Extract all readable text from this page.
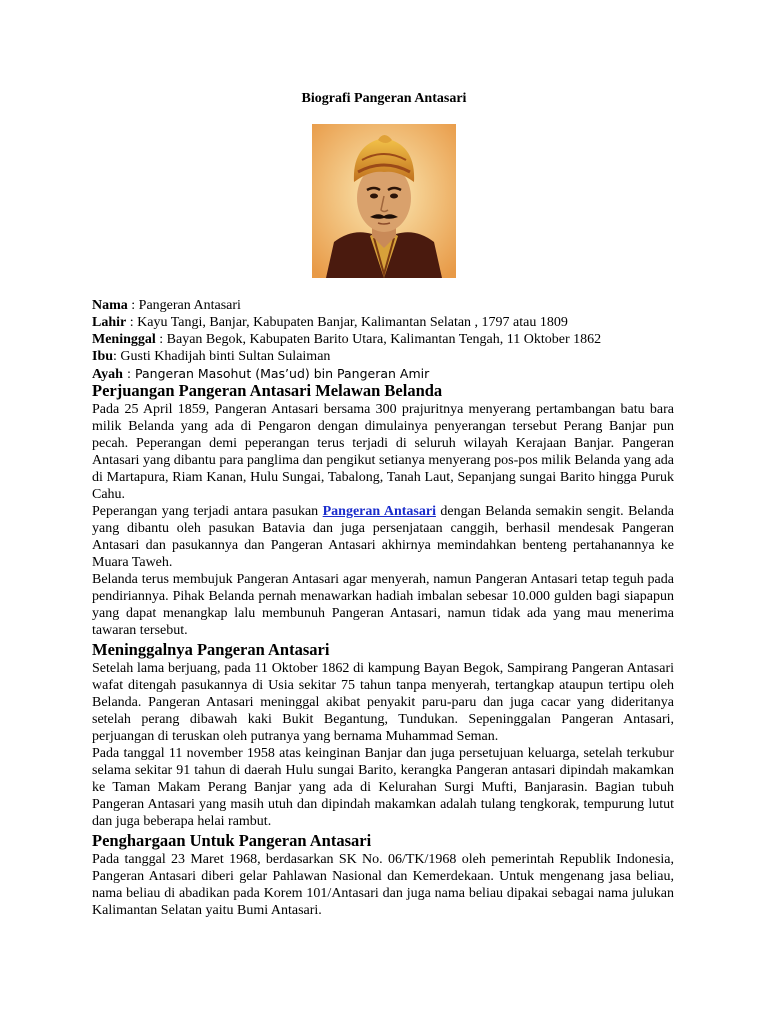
Biografi Pangeran Antasari
Nama : Pangeran Antasari
Lahir : Kayu Tangi, Banjar, Kabupaten Banjar, Kalimantan Selatan , 1797 atau 1809
Meninggal : Bayan Begok, Kabupaten Barito Utara, Kalimantan Tengah, 11 Oktober 1862
Ibu: Gusti Khadijah binti Sultan Sulaiman
Ayah : Pangeran Masohut (Mas’ud) bin Pangeran Amir
Perjuangan Pangeran Antasari Melawan Belanda

Pada 25 April 1859, Pangeran Antasari bersama 300 prajuritnya menyerang pertambangan batu bara milik Belanda yang ada di Pengaron dengan dimulainya penyerangan tersebut Perang Banjar pun pecah. Peperangan demi peperangan terus terjadi di seluruh wilayah Kerajaan Banjar. Pangeran Antasari yang dibantu para panglima dan pengikut setianya menyerang pos-pos milik Belanda yang ada di Martapura, Riam Kanan, Hulu Sungai, Tabalong, Tanah Laut, Sepanjang sungai Barito hingga Puruk Cahu.

Peperangan yang terjadi antara pasukan Pangeran Antasari dengan Belanda semakin sengit. Belanda yang dibantu oleh pasukan Batavia dan juga persenjataan canggih, berhasil mendesak Pangeran Antasari dan pasukannya dan Pangeran Antasari akhirnya memindahkan benteng pertahanannya ke Muara Taweh.

Belanda terus membujuk Pangeran Antasari agar menyerah, namun Pangeran Antasari tetap teguh pada pendiriannya. Pihak Belanda pernah menawarkan hadiah imbalan sebesar 10.000 gulden bagi siapapun yang dapat menangkap lalu membunuh Pangeran Antasari, namun tidak ada yang mau menerima tawaran tersebut.

Meninggalnya Pangeran Antasari

Setelah lama berjuang, pada 11 Oktober 1862 di kampung Bayan Begok, Sampirang Pangeran Antasari wafat ditengah pasukannya di Usia sekitar 75 tahun tanpa menyerah, tertangkap ataupun tertipu oleh Belanda. Pangeran Antasari meninggal akibat penyakit paru-paru dan juga cacar yang dideritanya setelah perang dibawah kaki Bukit Begantung, Tundukan. Sepeninggalan Pangeran Antasari, perjuangan di teruskan oleh putranya yang bernama Muhammad Seman.

Pada tanggal 11 november 1958 atas keinginan Banjar dan juga persetujuan keluarga, setelah terkubur selama sekitar 91 tahun di daerah Hulu sungai Barito, kerangka Pangeran antasari dipindah makamkan ke Taman Makam Perang Banjar yang ada di Kelurahan Surgi Mufti, Banjarasin. Bagian tubuh Pangeran Antasari yang masih utuh dan dipindah makamkan adalah tulang tengkorak, tempurung lutut dan juga beberapa helai rambut.

Penghargaan Untuk Pangeran Antasari

Pada tanggal 23 Maret 1968, berdasarkan SK No. 06/TK/1968 oleh pemerintah Republik Indonesia, Pangeran Antasari diberi gelar Pahlawan Nasional dan Kemerdekaan. Untuk mengenang jasa beliau, nama beliau di abadikan pada Korem 101/Antasari dan juga nama beliau dipakai sebagai nama julukan Kalimantan Selatan yaitu Bumi Antasari.
